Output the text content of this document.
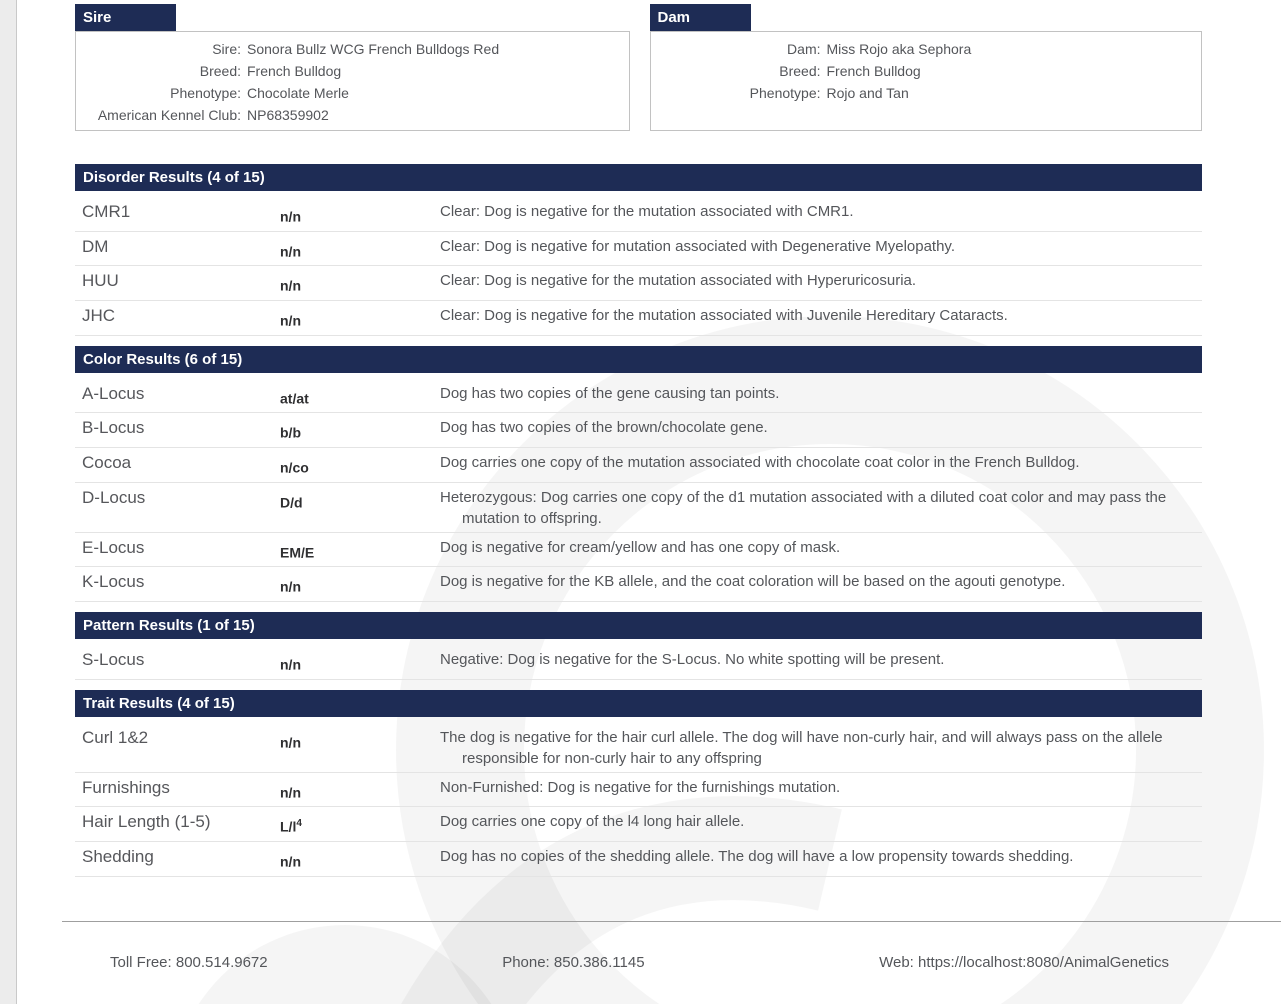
Sire
Sire: Sonora Bullz WCG French Bulldogs Red
Breed: French Bulldog
Phenotype: Chocolate Merle
American Kennel Club: NP68359902
Dam
Dam: Miss Rojo aka Sephora
Breed: French Bulldog
Phenotype: Rojo and Tan
Disorder Results (4 of 15)
CMR1	n/n	Clear: Dog is negative for the mutation associated with CMR1.
DM	n/n	Clear: Dog is negative for mutation associated with Degenerative Myelopathy.
HUU	n/n	Clear: Dog is negative for the mutation associated with Hyperuricosuria.
JHC	n/n	Clear: Dog is negative for the mutation associated with Juvenile Hereditary Cataracts.
Color Results (6 of 15)
A-Locus	at/at	Dog has two copies of the gene causing tan points.
B-Locus	b/b	Dog has two copies of the brown/chocolate gene.
Cocoa	n/co	Dog carries one copy of the mutation associated with chocolate coat color in the French Bulldog.
D-Locus	D/d	Heterozygous: Dog carries one copy of the d1 mutation associated with a diluted coat color and may pass the mutation to offspring.
E-Locus	EM/E	Dog is negative for cream/yellow and has one copy of mask.
K-Locus	n/n	Dog is negative for the KB allele, and the coat coloration will be based on the agouti genotype.
Pattern Results (1 of 15)
S-Locus	n/n	Negative: Dog is negative for the S-Locus. No white spotting will be present.
Trait Results (4 of 15)
Curl 1&2	n/n	The dog is negative for the hair curl allele. The dog will have non-curly hair, and will always pass on the allele responsible for non-curly hair to any offspring
Furnishings	n/n	Non-Furnished: Dog is negative for the furnishings mutation.
Hair Length (1-5)	$L/l^4$	Dog carries one copy of the l4 long hair allele.
Shedding	n/n	Dog has no copies of the shedding allele. The dog will have a low propensity towards shedding.
Toll Free: 800.514.9672	Phone: 850.386.1145	Web: https://localhost:8080/AnimalGenetics
